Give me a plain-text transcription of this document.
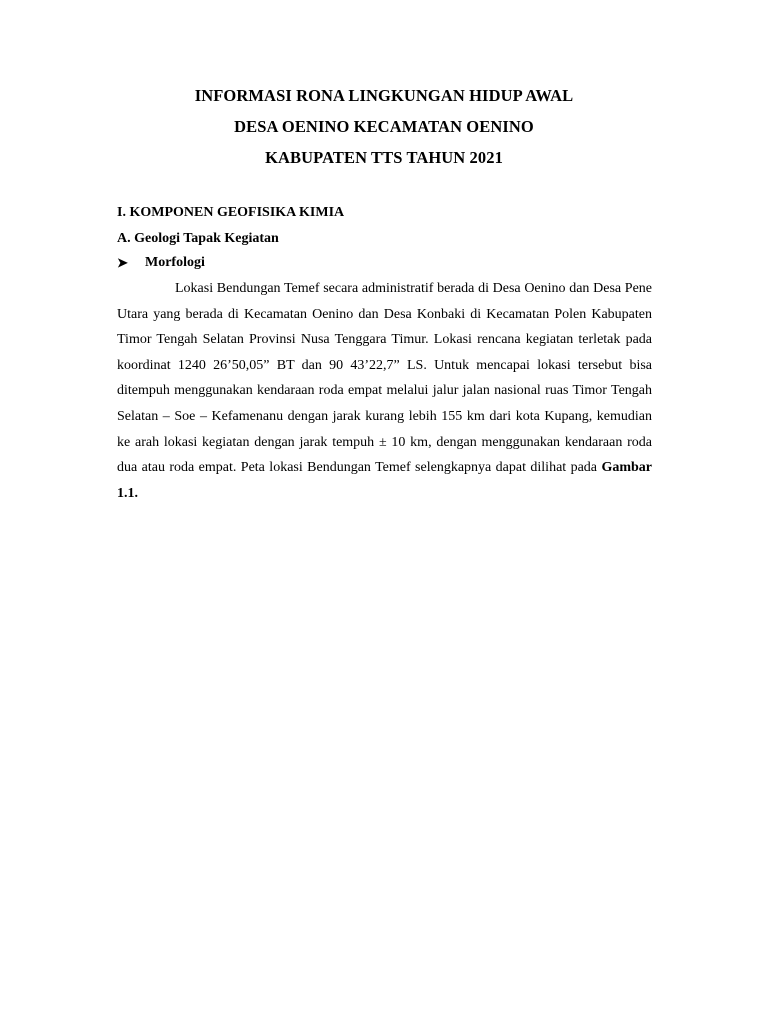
INFORMASI RONA LINGKUNGAN HIDUP AWAL
DESA OENINO KECAMATAN OENINO
KABUPATEN TTS TAHUN 2021
I. KOMPONEN GEOFISIKA KIMIA
A. Geologi Tapak Kegiatan
➤	Morfologi

Lokasi Bendungan Temef secara administratif berada di Desa Oenino dan Desa Pene Utara yang berada di Kecamatan Oenino dan Desa Konbaki di Kecamatan Polen Kabupaten Timor Tengah Selatan Provinsi Nusa Tenggara Timur. Lokasi rencana kegiatan terletak pada koordinat 1240 26’50,05” BT dan 90 43’22,7” LS. Untuk mencapai lokasi tersebut bisa ditempuh menggunakan kendaraan roda empat melalui jalur jalan nasional ruas Timor Tengah Selatan – Soe – Kefamenanu dengan jarak kurang lebih 155 km dari kota Kupang, kemudian ke arah lokasi kegiatan dengan jarak tempuh ± 10 km, dengan menggunakan kendaraan roda dua atau roda empat. Peta lokasi Bendungan Temef selengkapnya dapat dilihat pada Gambar 1.1.
